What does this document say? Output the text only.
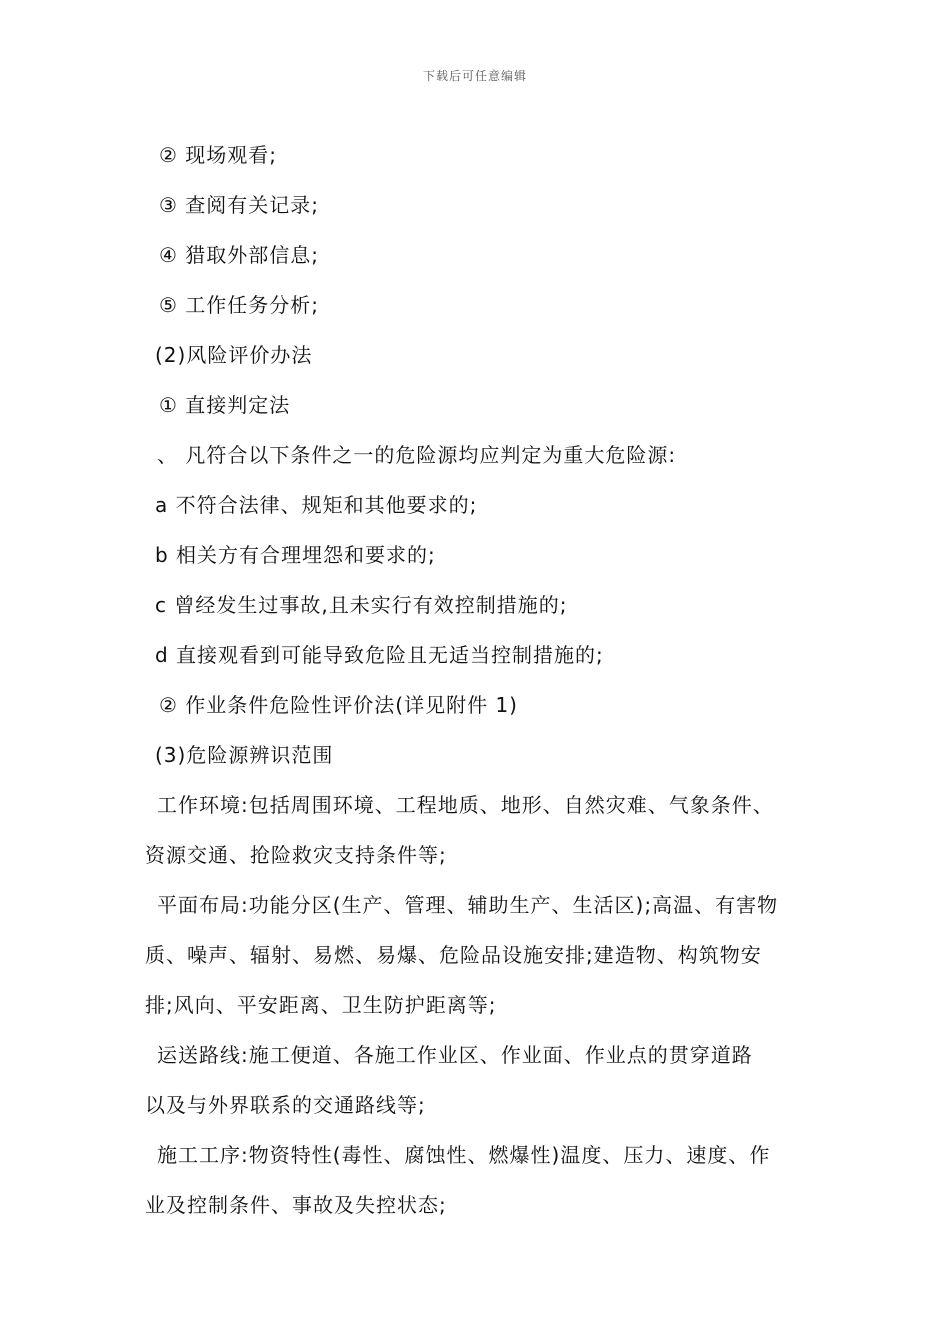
下载后可任意编辑
② 现场观看;
③ 查阅有关记录;
④ 猎取外部信息;
⑤ 工作任务分析;
(2)风险评价办法
① 直接判定法
、 凡符合以下条件之一的危险源均应判定为重大危险源:
a 不符合法律、规矩和其他要求的;
b 相关方有合理埋怨和要求的;
c 曾经发生过事故,且未实行有效控制措施的;
d 直接观看到可能导致危险且无适当控制措施的;
② 作业条件危险性评价法(详见附件 1)
(3)危险源辨识范围
工作环境:包括周围环境、工程地质、地形、自然灾难、气象条件、
资源交通、抢险救灾支持条件等;
平面布局:功能分区(生产、管理、辅助生产、生活区);高温、有害物
质、噪声、辐射、易燃、易爆、危险品设施安排;建造物、构筑物安
排;风向、平安距离、卫生防护距离等;
运送路线:施工便道、各施工作业区、作业面、作业点的贯穿道路
以及与外界联系的交通路线等;
施工工序:物资特性(毒性、腐蚀性、燃爆性)温度、压力、速度、作
业及控制条件、事故及失控状态;
